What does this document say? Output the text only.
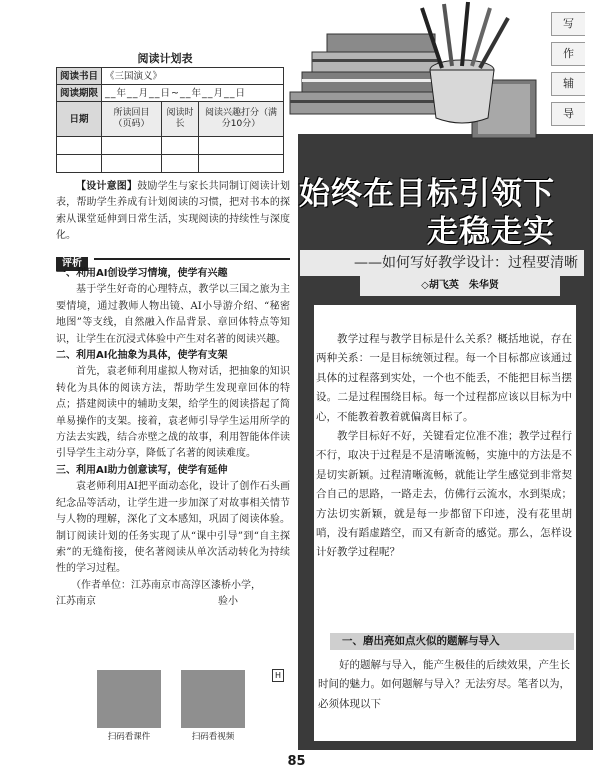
阅读计划表
阅读书目	《三国演义》		
阅读期限	__年__月__日~__年__月__日		
日期	所读回目（页码）	阅读时长	阅读兴趣打分（满分10分）

【设计意图】鼓励学生与家长共同制订阅读计划表，帮助学生养成有计划阅读的习惯，把对书本的探索从课堂延伸到日常生活，实现阅读的持续性与深度化。

评析
一、利用AI创设学习情境，使学有兴趣

基于学生好奇的心理特点，教学以三国之旅为主要情境，通过教师人物出镜、AI小导游介绍、“秘密地图”等支线，自然融入作品背景、章回体特点等知识，让学生在沉浸式体验中产生对名著的阅读兴趣。

二、利用AI化抽象为具体，使学有支架

首先，袁老师利用虚拟人物对话，把抽象的知识转化为具体的阅读方法，帮助学生发现章回体的特点；搭建阅读中的辅助支架，给学生的阅读搭起了简单易操作的支架。接着，袁老师引导学生运用所学的方法去实践，结合赤壁之战的故事，利用智能体伴读引导学生主动分享，降低了名著的阅读难度。

三、利用AI助力创意读写，使学有延伸

袁老师利用AI把平面动态化，设计了创作石头画纪念品等活动，让学生进一步加深了对故事相关情节与人物的理解，深化了文本感知，巩固了阅读体验。制订阅读计划的任务实现了从“课中引导”到“自主探索”的无缝衔接，使名著阅读从单次活动转化为持续性的学习过程。

（作者单位：江苏南京市高淳区漆桥小学，

江苏南京	验小
H
扫码看课件	扫码看视频
写
作
辅
导
始终在目标引领下
走稳走实
——如何写好教学设计：过程要清晰
◇胡飞英　朱华贤

教学过程与教学目标是什么关系？概括地说，存在两种关系：一是目标统领过程。每一个目标都应该通过具体的过程落到实处，一个也不能丢，不能把目标当摆设。二是过程围绕目标。每一个过程都应该以目标为中心，不能教着教着就偏离目标了。

教学目标好不好，关键看定位准不准；教学过程行不行，取决于过程是不是清晰流畅，实施中的方法是不是切实新颖。过程清晰流畅，就能让学生感觉到非常契合自己的思路，一路走去，仿佛行云流水，水到渠成；方法切实新颖，就是每一步都留下印迹，没有花里胡哨，没有蹈虚踏空，而又有新奇的感觉。那么，怎样设计好教学过程呢？

一、磨出亮如点火似的题解与导入

好的题解与导入，能产生极佳的后续效果，产生长时间的魅力。如何题解与导入？无法穷尽。笔者以为，必须体现以下

85
